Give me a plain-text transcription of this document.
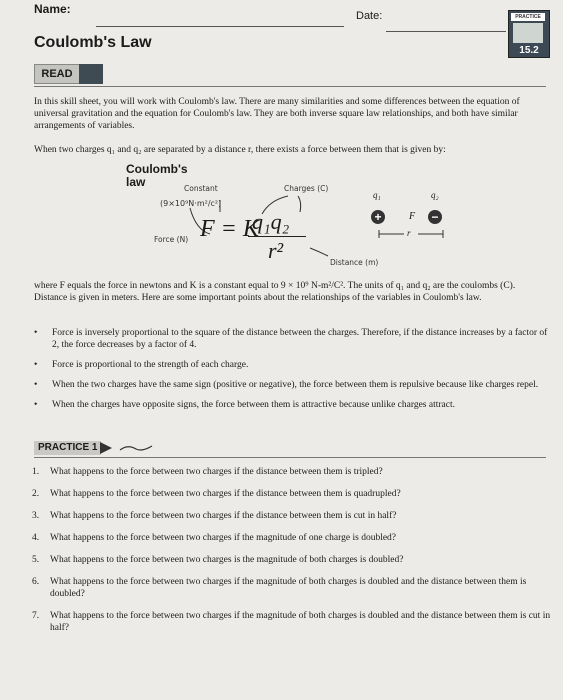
Name:	Date:	PRACTICE
15.2
Coulomb's Law
READ
In this skill sheet, you will work with Coulomb's law. There are many similarities and some differences between the equation of universal gravitation and the equation for Coulomb's law. They are both inverse square law relationships, and both have similar arrangements of variables.
When two charges q₁ and q₂ are separated by a distance r, there exists a force between them that is given by:
Coulomb's law	Constant
(9×10⁹N·m²/c²)
Charges (C)
Force (N)
Distance (m)
F = K
q₁q₂
r²
q₁	q₂
+	−
F
r
where F equals the force in newtons and K is a constant equal to 9 × 10⁹ N-m²/C². The units of q₁ and q₂ are the coulombs (C). Distance is given in meters. Here are some important points about the relationships of the variables in Coulomb's law.
• Force is inversely proportional to the square of the distance between the charges. Therefore, if the distance increases by a factor of 2, the force decreases by a factor of 4.
• Force is proportional to the strength of each charge.
• When the two charges have the same sign (positive or negative), the force between them is repulsive because like charges repel.
• When the charges have opposite signs, the force between them is attractive because unlike charges attract.
PRACTICE 1
1. What happens to the force between two charges if the distance between them is tripled?
2. What happens to the force between two charges if the distance between them is quadrupled?
3. What happens to the force between two charges if the distance between them is cut in half?
4. What happens to the force between two charges if the magnitude of one charge is doubled?
5. What happens to the force between two charges is the magnitude of both charges is doubled?
6. What happens to the force between two charges if the magnitude of both charges is doubled and the distance between them is doubled?
7. What happens to the force between two charges if the magnitude of both charges is doubled and the distance between them is cut in half?
